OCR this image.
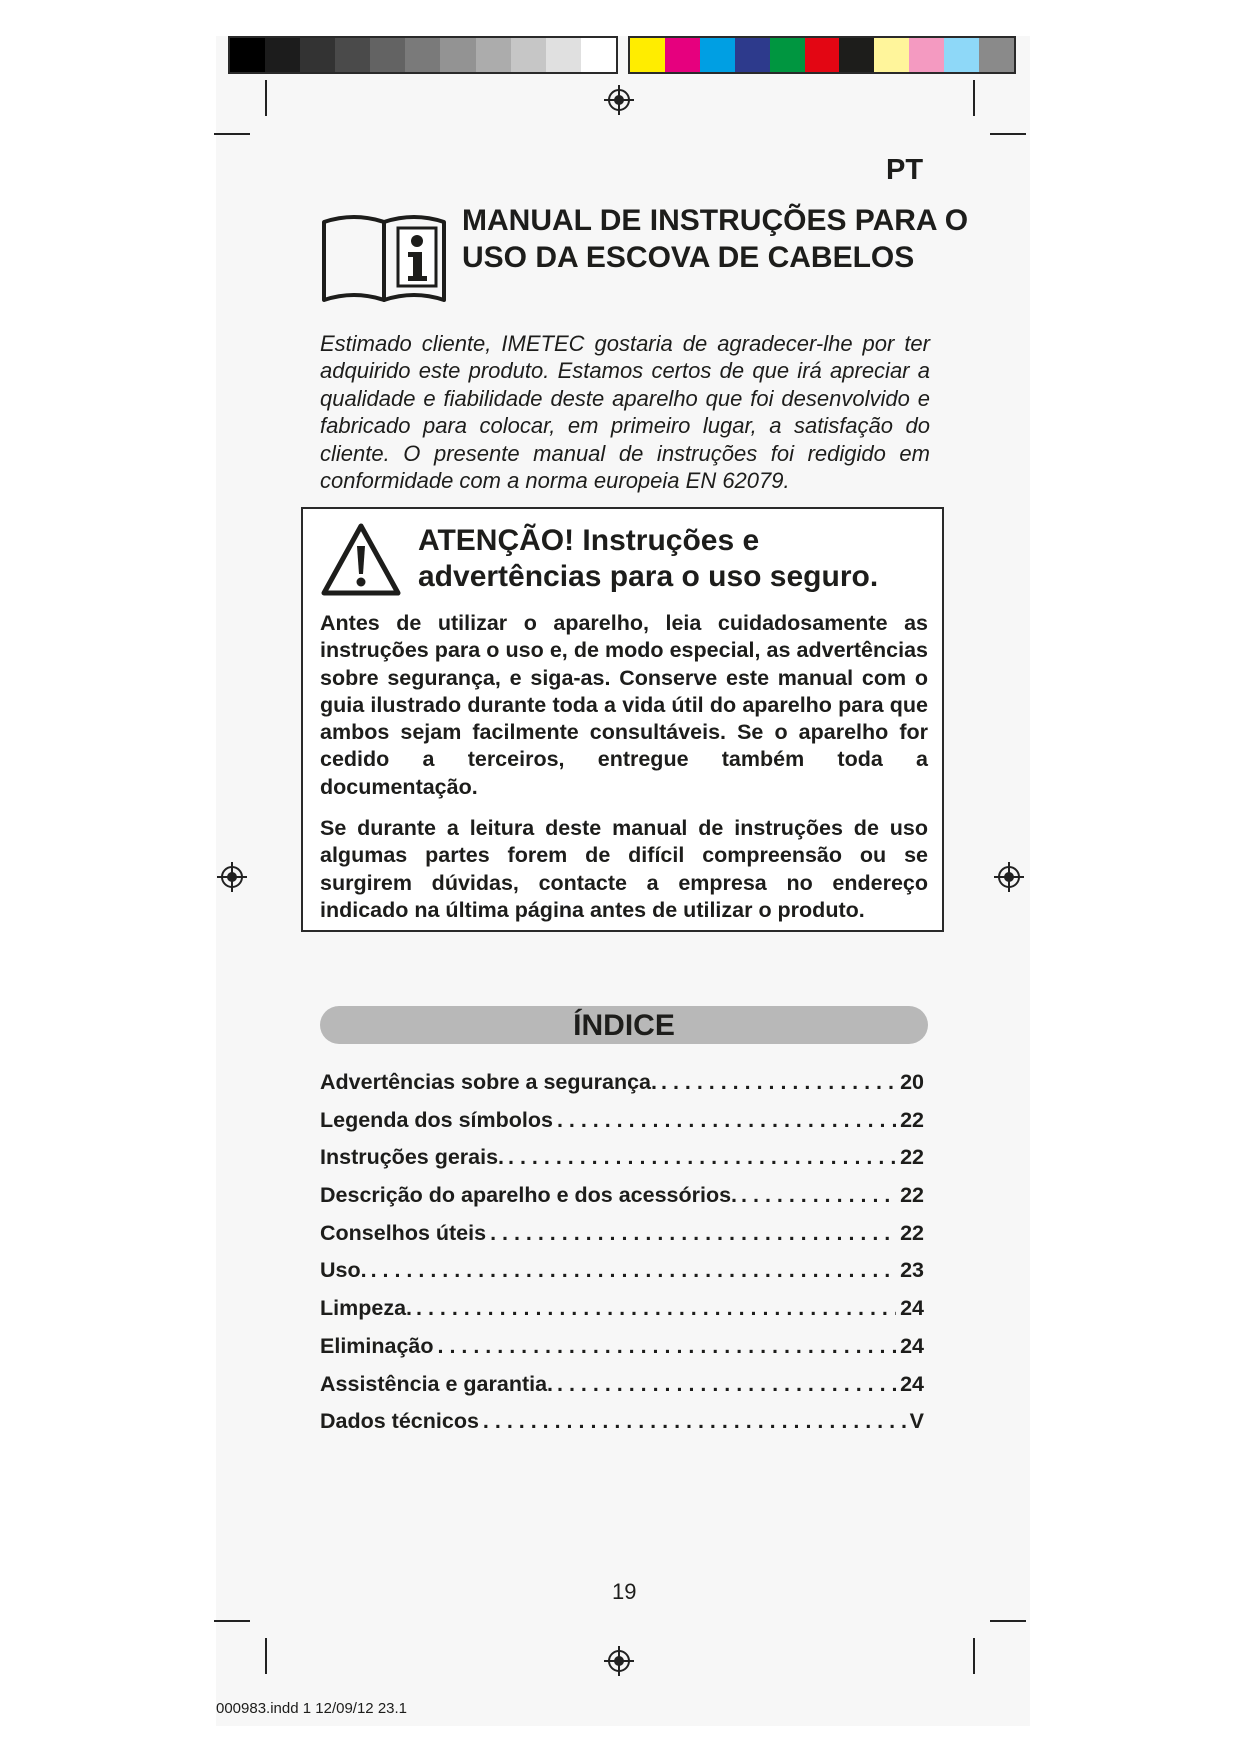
PT
MANUAL DE INSTRUÇÕES PARA O USO DA ESCOVA DE CABELOS

Estimado cliente, IMETEC gostaria de agradecer-lhe por ter adquirido este produto. Estamos certos de que irá apreciar a qualidade e fiabilidade deste aparelho que foi desenvolvido e fabricado para colocar, em primeiro lugar, a satisfação do cliente. O presente manual de instruções foi redigido em conformidade com a norma europeia EN 62079.

ATENÇÃO! Instruções e advertências para o uso seguro.

Antes de utilizar o aparelho, leia cuidadosamente as instruções para o uso e, de modo especial, as advertências sobre segurança, e siga-as. Conserve este manual com o guia ilustrado durante toda a vida útil do aparelho para que ambos sejam facilmente consultáveis. Se o aparelho for cedido a terceiros, entregue também toda a documentação.

Se durante a leitura deste manual de instruções de uso algumas partes forem de difícil compreensão ou se surgirem dúvidas, contacte a empresa no endereço indicado na última página antes de utilizar o produto.

ÍNDICE
Advertências sobre a segurança. . . .	20
Legenda dos símbolos . . .	22
Instruções gerais. . . .	22
Descrição do aparelho e dos acessórios. . . .	22
Conselhos úteis . . .	22
Uso. . . .	23
Limpeza. . . .	24
Eliminação . . .	24
Assistência e garantia. . . .	24
Dados técnicos . . .	V
19
000983.indd 1 12/09/12 23.1
